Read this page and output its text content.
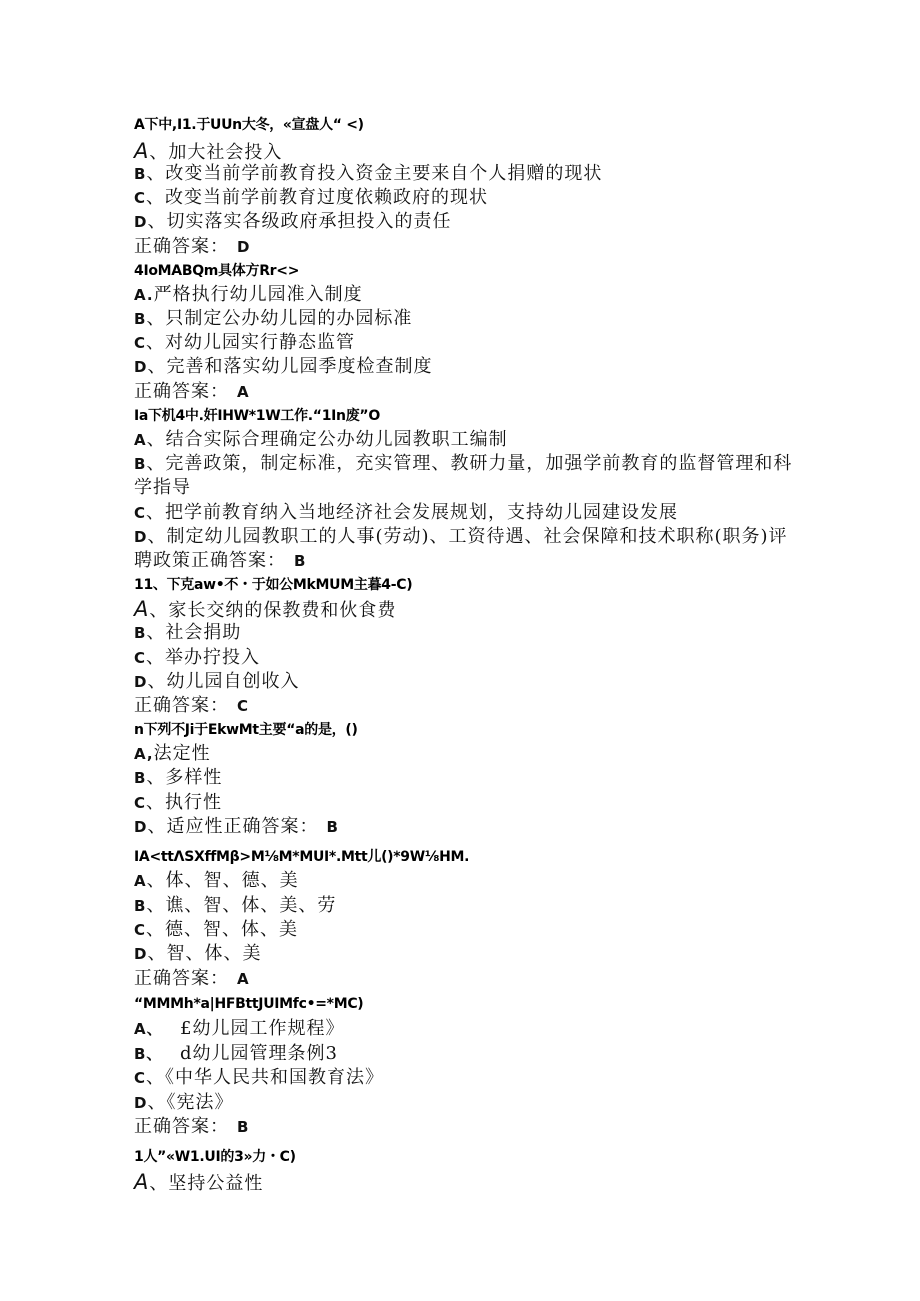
A下中,I1.于UUn大冬，«宣盘人“ <)
A、加大社会投入
B、改变当前学前教育投入资金主要来自个人捐赠的现状
C、改变当前学前教育过度依赖政府的现状
D、切实落实各级政府承担投入的责任
正确答案： D
4IoMABQm具体方Rr<>
A.严格执行幼儿园准入制度
B、只制定公办幼儿园的办园标准
C、对幼儿园实行静态监管
D、完善和落实幼儿园季度检查制度
正确答案： A
Ia下机4中.奸IHW*1W工作.“1In废”O
A、结合实际合理确定公办幼儿园教职工编制
B、完善政策，制定标准，充实管理、教研力量，加强学前教育的监督管理和科
学指导
C、把学前教育纳入当地经济社会发展规划，支持幼儿园建设发展
D、制定幼儿园教职工的人事(劳动)、工资待遇、社会保障和技术职称(职务)评
聘政策正确答案： B
11、下克aw•不・于如公MkMUM主暮4-C)
A、家长交纳的保教费和伙食费
B、社会捐助
C、举办拧投入
D、幼儿园自创收入
正确答案： C
n下列不Ji于EkwMt主要“a的是，()
A,法定性
B、多样性
C、执行性
D、适应性正确答案： B
IA<ttΛSXffMβ>M⅛M*MUI*.Mtt儿()*9W⅛HM.
A、体、智、德、美
B、谯、智、体、美、劳
C、德、智、体、美
D、智、体、美
正确答案： A
“MMMh*a|HFBttJUIMfc•=*MC)
A、 £幼儿园工作规程》
B、 d幼儿园管理条例3
C、《中华人民共和国教育法》
D、《宪法》
正确答案： B
1人”«W1.UI的3»力・C)
A、坚持公益性
